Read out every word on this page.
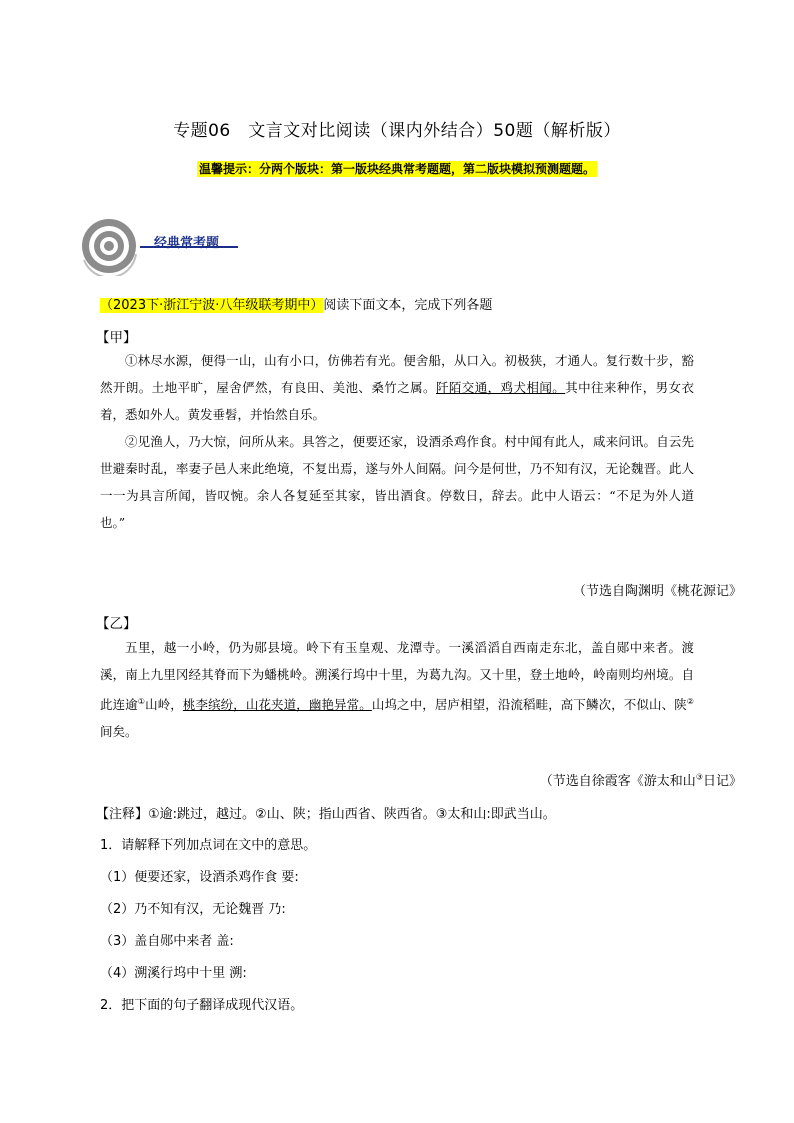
专题06　文言文对比阅读（课内外结合）50题（解析版）
温馨提示：分两个版块：第一版块经典常考题题，第二版块模拟预测题题。
经典常考题
（2023下·浙江宁波·八年级联考期中）阅读下面文本，完成下列各题
【甲】

①林尽水源，便得一山，山有小口，仿佛若有光。便舍船，从口入。初极狭，才通人。复行数十步，豁然开朗。土地平旷，屋舍俨然，有良田、美池、桑竹之属。阡陌交通，鸡犬相闻。其中往来种作，男女衣着，悉如外人。黄发垂髫，并怡然自乐。

②见渔人，乃大惊，问所从来。具答之，便要还家，设酒杀鸡作食。村中闻有此人，咸来问讯。自云先世避秦时乱，率妻子邑人来此绝境，不复出焉，遂与外人间隔。问今是何世，乃不知有汉，无论魏晋。此人一一为具言所闻，皆叹惋。余人各复延至其家，皆出酒食。停数日，辞去。此中人语云：“不足为外人道也。”

（节选自陶渊明《桃花源记》
【乙】

五里，越一小岭，仍为郧县境。岭下有玉皇观、龙潭寺。一溪滔滔自西南走东北，盖自郧中来者。渡溪，南上九里冈经其脊而下为蟠桃岭。溯溪行坞中十里，为葛九沟。又十里，登土地岭，岭南则均州境。自此连逾①山岭，桃李缤纷，山花夹道，幽艳异常。山坞之中，居庐相望，沿流稻畦，高下鳞次，不似山、陕②间矣。

（节选自徐霞客《游太和山③日记》
【注释】①逾:跳过，越过。②山、陕；指山西省、陕西省。③太和山:即武当山。
1．请解释下列加点词在文中的意思。
（1）便要还家，设酒杀鸡作食 要:
（2）乃不知有汉，无论魏晋 乃:
（3）盖自郧中来者 盖:
（4）溯溪行坞中十里 溯:
2．把下面的句子翻译成现代汉语。
